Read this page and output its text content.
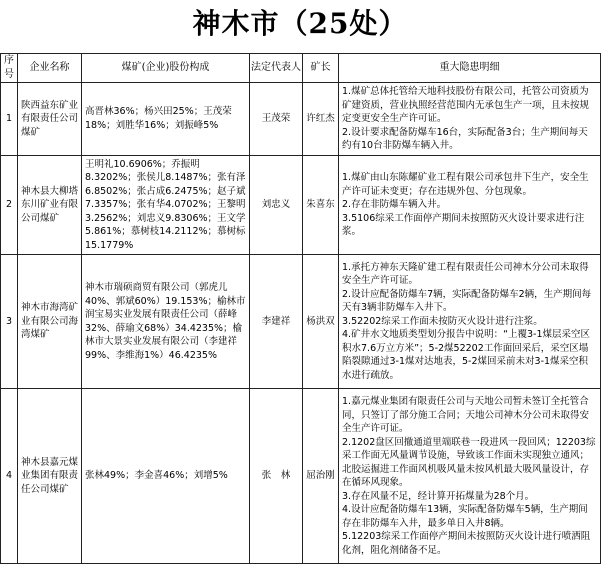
神木市（25处）
序号	企业名称	煤矿(企业)股份构成	法定代表人	矿长	重大隐患明细
1	陕西益东矿业有限责任公司煤矿	高晋林36%；杨兴田25%；王茂荣18%；刘胜华16%；刘振峰5%	王茂荣	许红杰	1.煤矿总体托管给天地科技股份有限公司，托管公司资质为矿建资质，营业执照经营范围内无承包生产一项，且未按规定变更安全生产许可证。

2.设计要求配备防爆车16台，实际配备3台；生产期间每天约有10台非防爆车辆入井。

2	神木县大柳塔东川矿业有限公司煤矿	王明礼10.6906%；乔振明8.3202%；张侯儿8.1487%；张有泽6.8502%；张占成6.2475%；赵子斌7.3357%；张有华4.0702%；王黎明3.2562%；刘忠义9.8306%；王文学5.861%；慕树枝14.2112%；慕树标15.1779%	刘忠义	朱喜东	1.煤矿由山东陈耀矿业工程有限公司承包井下生产，安全生产许可证未变更；存在违规外包、分包现象。

2.存在非防爆车辆入井。

3.5106综采工作面停产期间未按照防灭火设计要求进行注浆。

3	神木市海湾矿业有限公司海湾煤矿	神木市瑞硕商贸有限公司（郭虎儿40%、郭斌60%）19.153%；榆林市润宝易实业发展有限责任公司（薛峰32%、薛瑜文68%）34.4235%；榆林市大景实业发展有限公司（李建祥99%、李维海1%）46.4235%	李建祥	杨洪双	1.承托方神东天隆矿建工程有限责任公司神木分公司未取得安全生产许可证。

2.设计应配备防爆车7辆，实际配备防爆车2辆，生产期间每天有3辆非防爆车入井下。

3.52202综采工作面未按防灭火设计进行注浆。

4.矿井水文地质类型划分报告中说明：“上覆3-1煤层采空区积水7.6万立方米”；5-2煤52202工作面回采后，采空区塌陷裂隙通过3-1煤对达地表，5-2煤回采前未对3-1煤采空积水进行疏放。

4	神木县嘉元煤业集团有限责任公司煤矿	张林49%；李金喜46%；刘增5%	张　林	屈治刚	1.嘉元煤业集团有限责任公司与天地公司暂未签订全托管合同，只签订了部分施工合同；天地公司神木分公司未取得安全生产许可证。

2.1202盘区回撤通道里端联巷一段进风一段回风；12203综采工作面无风量调节设施，导致该工作面未实现独立通风；北胶运掘进工作面风机吸风量未按风机最大吸风量设计，存在循环风现象。

3.存在风量不足，经计算开拓煤量为28个月。

4.设计应配备防爆车13辆，实际配备防爆车5辆，生产期间存在非防爆车入井，最多单日入井8辆。

5.12203综采工作面停产期间未按照防灭火设计进行喷洒阻化剂，阻化剂储备不足。
